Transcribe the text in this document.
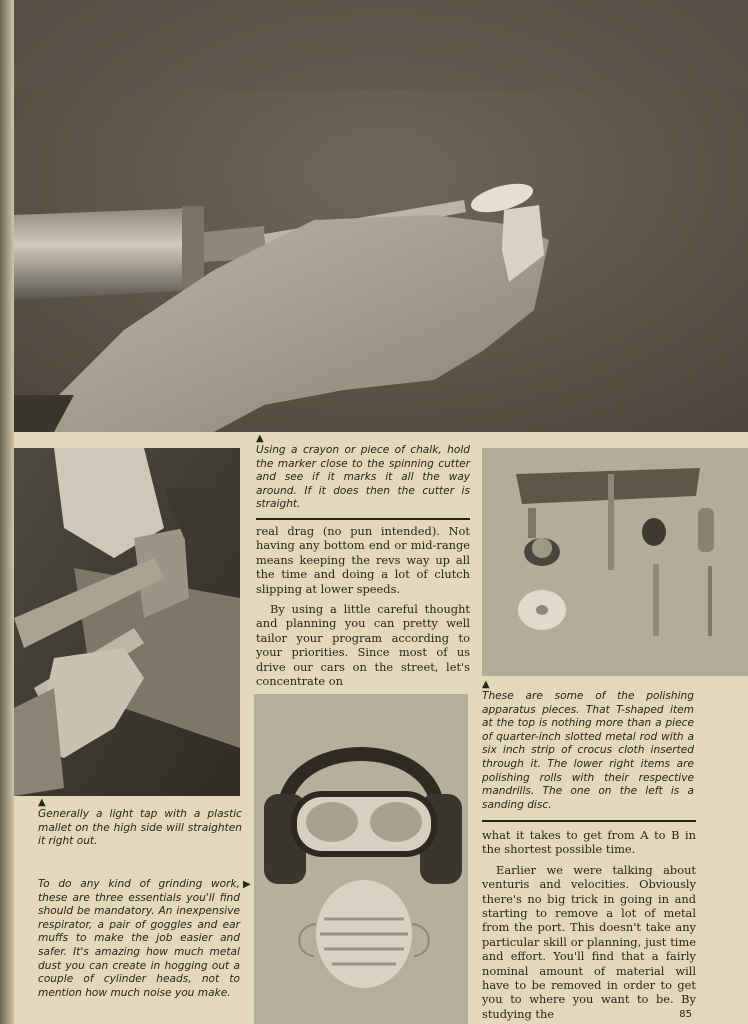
▲
Using a crayon or piece of chalk, hold the marker close to the spinning cutter and see if it marks it all the way around. If it does then the cutter is straight.

real drag (no pun intended). Not having any bottom end or mid-range means keeping the revs way up all the time and doing a lot of clutch slipping at lower speeds.

By using a little careful thought and planning you can pretty well tailor your program according to your priorities. Since most of us drive our cars on the street, let's concentrate on

▲
Generally a light tap with a plastic mallet on the high side will straighten it right out.
To do any kind of grinding work, these are three essentials you'll find should be mandatory. An inexpensive respirator, a pair of goggles and ear muffs to make the job easier and safer. It's amazing how much metal dust you can create in hogging out a couple of cylinder heads, not to mention how much noise you make.
▶
▲
These are some of the polishing apparatus pieces. That T-shaped item at the top is nothing more than a piece of quarter-inch slotted metal rod with a six inch strip of crocus cloth inserted through it. The lower right items are polishing rolls with their respective mandrills. The one on the left is a sanding disc.

what it takes to get from A to B in the shortest possible time.

Earlier we were talking about venturis and velocities. Obviously there's no big trick in going in and starting to remove a lot of metal from the port. This doesn't take any particular skill or planning, just time and effort. You'll find that a fairly nominal amount of material will have to be removed in order to get you to where you want to be. By studying the	85
